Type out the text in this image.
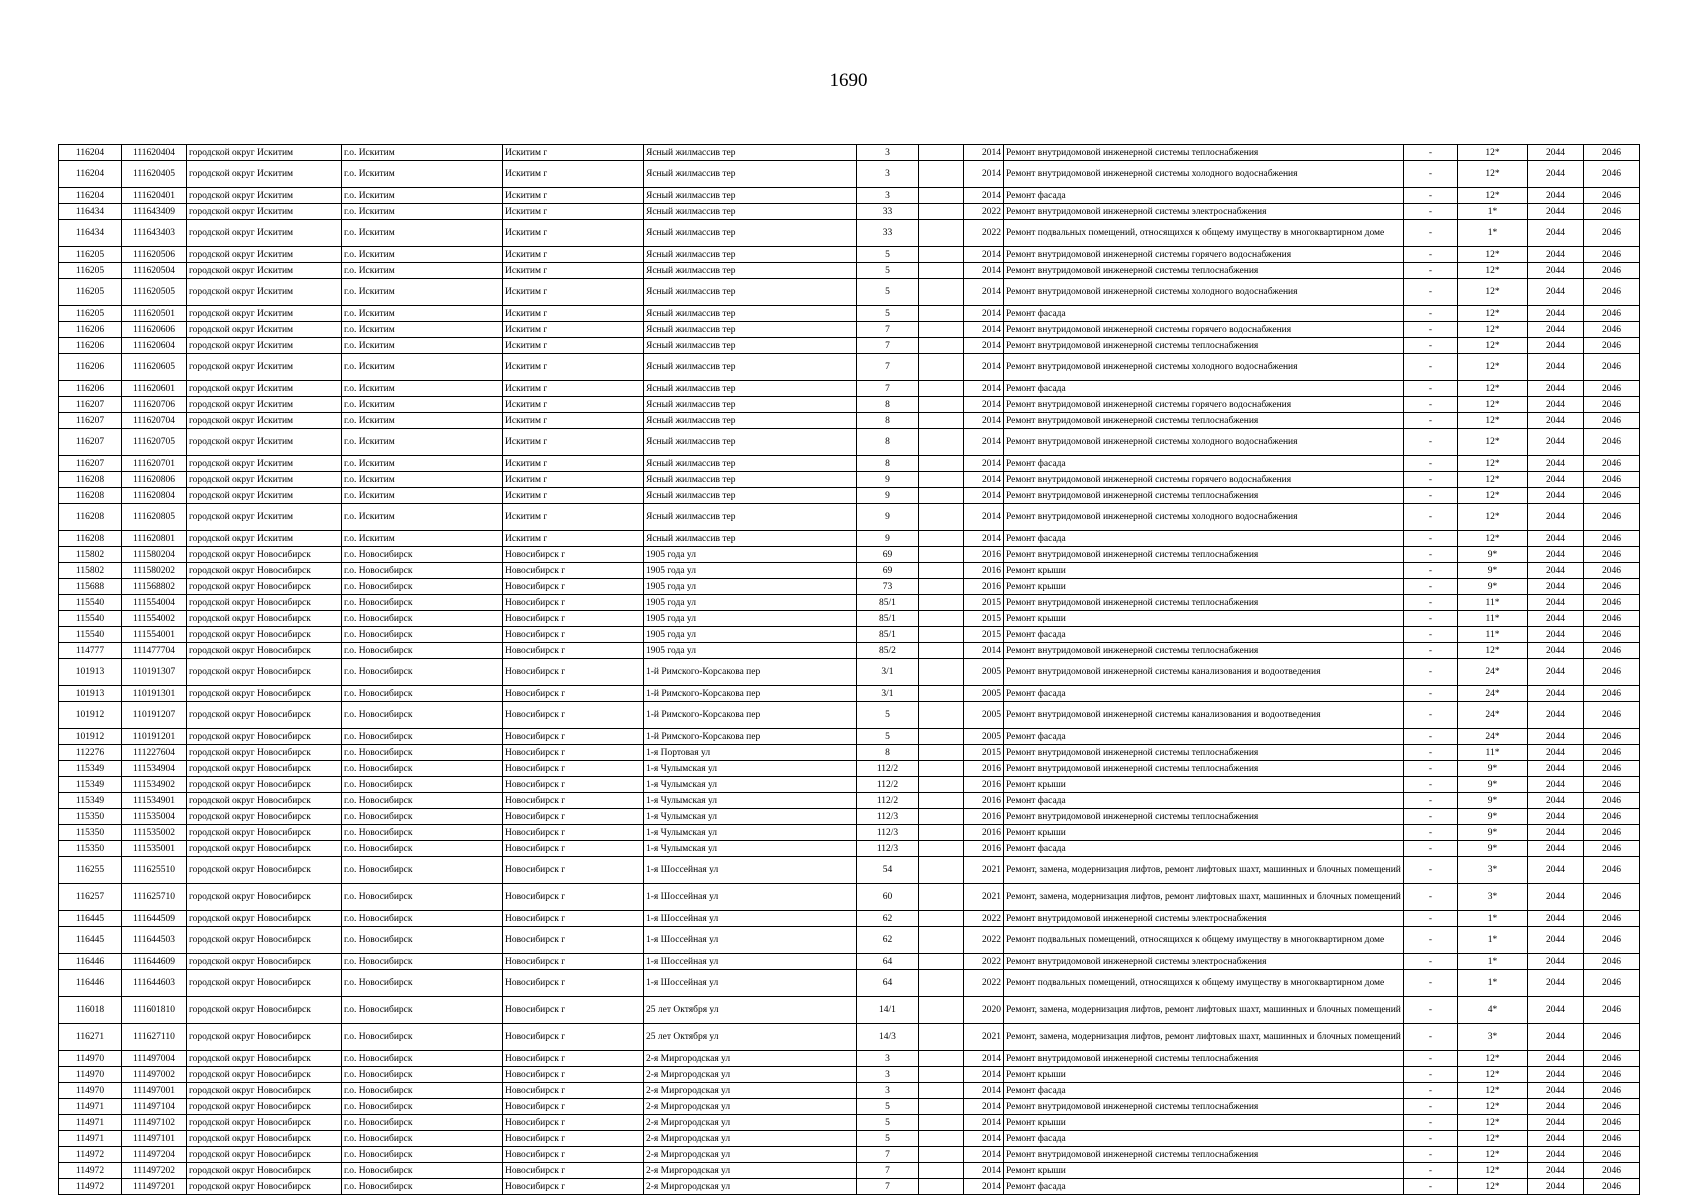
1690
116204	111620404	городской округ Искитим	г.о. Искитим	Искитим г	Ясный жилмассив тер	3		2014	Ремонт внутридомовой инженерной системы теплоснабжения	-	12*	2044	2046
116204	111620405	городской округ Искитим	г.о. Искитим	Искитим г	Ясный жилмассив тер	3		2014	Ремонт внутридомовой инженерной системы холодного водоснабжения	-	12*	2044	2046
116204	111620401	городской округ Искитим	г.о. Искитим	Искитим г	Ясный жилмассив тер	3		2014	Ремонт фасада	-	12*	2044	2046
116434	111643409	городской округ Искитим	г.о. Искитим	Искитим г	Ясный жилмассив тер	33		2022	Ремонт внутридомовой инженерной системы электроснабжения	-	1*	2044	2046
116434	111643403	городской округ Искитим	г.о. Искитим	Искитим г	Ясный жилмассив тер	33		2022	Ремонт подвальных помещений, относящихся к общему имуществу в многоквартирном доме	-	1*	2044	2046
116205	111620506	городской округ Искитим	г.о. Искитим	Искитим г	Ясный жилмассив тер	5		2014	Ремонт внутридомовой инженерной системы горячего водоснабжения	-	12*	2044	2046
116205	111620504	городской округ Искитим	г.о. Искитим	Искитим г	Ясный жилмассив тер	5		2014	Ремонт внутридомовой инженерной системы теплоснабжения	-	12*	2044	2046
116205	111620505	городской округ Искитим	г.о. Искитим	Искитим г	Ясный жилмассив тер	5		2014	Ремонт внутридомовой инженерной системы холодного водоснабжения	-	12*	2044	2046
116205	111620501	городской округ Искитим	г.о. Искитим	Искитим г	Ясный жилмассив тер	5		2014	Ремонт фасада	-	12*	2044	2046
116206	111620606	городской округ Искитим	г.о. Искитим	Искитим г	Ясный жилмассив тер	7		2014	Ремонт внутридомовой инженерной системы горячего водоснабжения	-	12*	2044	2046
116206	111620604	городской округ Искитим	г.о. Искитим	Искитим г	Ясный жилмассив тер	7		2014	Ремонт внутридомовой инженерной системы теплоснабжения	-	12*	2044	2046
116206	111620605	городской округ Искитим	г.о. Искитим	Искитим г	Ясный жилмассив тер	7		2014	Ремонт внутридомовой инженерной системы холодного водоснабжения	-	12*	2044	2046
116206	111620601	городской округ Искитим	г.о. Искитим	Искитим г	Ясный жилмассив тер	7		2014	Ремонт фасада	-	12*	2044	2046
116207	111620706	городской округ Искитим	г.о. Искитим	Искитим г	Ясный жилмассив тер	8		2014	Ремонт внутридомовой инженерной системы горячего водоснабжения	-	12*	2044	2046
116207	111620704	городской округ Искитим	г.о. Искитим	Искитим г	Ясный жилмассив тер	8		2014	Ремонт внутридомовой инженерной системы теплоснабжения	-	12*	2044	2046
116207	111620705	городской округ Искитим	г.о. Искитим	Искитим г	Ясный жилмассив тер	8		2014	Ремонт внутридомовой инженерной системы холодного водоснабжения	-	12*	2044	2046
116207	111620701	городской округ Искитим	г.о. Искитим	Искитим г	Ясный жилмассив тер	8		2014	Ремонт фасада	-	12*	2044	2046
116208	111620806	городской округ Искитим	г.о. Искитим	Искитим г	Ясный жилмассив тер	9		2014	Ремонт внутридомовой инженерной системы горячего водоснабжения	-	12*	2044	2046
116208	111620804	городской округ Искитим	г.о. Искитим	Искитим г	Ясный жилмассив тер	9		2014	Ремонт внутридомовой инженерной системы теплоснабжения	-	12*	2044	2046
116208	111620805	городской округ Искитим	г.о. Искитим	Искитим г	Ясный жилмассив тер	9		2014	Ремонт внутридомовой инженерной системы холодного водоснабжения	-	12*	2044	2046
116208	111620801	городской округ Искитим	г.о. Искитим	Искитим г	Ясный жилмассив тер	9		2014	Ремонт фасада	-	12*	2044	2046
115802	111580204	городской округ Новосибирск	г.о. Новосибирск	Новосибирск г	1905 года ул	69		2016	Ремонт внутридомовой инженерной системы теплоснабжения	-	9*	2044	2046
115802	111580202	городской округ Новосибирск	г.о. Новосибирск	Новосибирск г	1905 года ул	69		2016	Ремонт крыши	-	9*	2044	2046
115688	111568802	городской округ Новосибирск	г.о. Новосибирск	Новосибирск г	1905 года ул	73		2016	Ремонт крыши	-	9*	2044	2046
115540	111554004	городской округ Новосибирск	г.о. Новосибирск	Новосибирск г	1905 года ул	85/1		2015	Ремонт внутридомовой инженерной системы теплоснабжения	-	11*	2044	2046
115540	111554002	городской округ Новосибирск	г.о. Новосибирск	Новосибирск г	1905 года ул	85/1		2015	Ремонт крыши	-	11*	2044	2046
115540	111554001	городской округ Новосибирск	г.о. Новосибирск	Новосибирск г	1905 года ул	85/1		2015	Ремонт фасада	-	11*	2044	2046
114777	111477704	городской округ Новосибирск	г.о. Новосибирск	Новосибирск г	1905 года ул	85/2		2014	Ремонт внутридомовой инженерной системы теплоснабжения	-	12*	2044	2046
101913	110191307	городской округ Новосибирск	г.о. Новосибирск	Новосибирск г	1-й Римского-Корсакова пер	3/1		2005	Ремонт внутридомовой инженерной системы канализования и водоотведения	-	24*	2044	2046
101913	110191301	городской округ Новосибирск	г.о. Новосибирск	Новосибирск г	1-й Римского-Корсакова пер	3/1		2005	Ремонт фасада	-	24*	2044	2046
101912	110191207	городской округ Новосибирск	г.о. Новосибирск	Новосибирск г	1-й Римского-Корсакова пер	5		2005	Ремонт внутридомовой инженерной системы канализования и водоотведения	-	24*	2044	2046
101912	110191201	городской округ Новосибирск	г.о. Новосибирск	Новосибирск г	1-й Римского-Корсакова пер	5		2005	Ремонт фасада	-	24*	2044	2046
112276	111227604	городской округ Новосибирск	г.о. Новосибирск	Новосибирск г	1-я Портовая ул	8		2015	Ремонт внутридомовой инженерной системы теплоснабжения	-	11*	2044	2046
115349	111534904	городской округ Новосибирск	г.о. Новосибирск	Новосибирск г	1-я Чулымская ул	112/2		2016	Ремонт внутридомовой инженерной системы теплоснабжения	-	9*	2044	2046
115349	111534902	городской округ Новосибирск	г.о. Новосибирск	Новосибирск г	1-я Чулымская ул	112/2		2016	Ремонт крыши	-	9*	2044	2046
115349	111534901	городской округ Новосибирск	г.о. Новосибирск	Новосибирск г	1-я Чулымская ул	112/2		2016	Ремонт фасада	-	9*	2044	2046
115350	111535004	городской округ Новосибирск	г.о. Новосибирск	Новосибирск г	1-я Чулымская ул	112/3		2016	Ремонт внутридомовой инженерной системы теплоснабжения	-	9*	2044	2046
115350	111535002	городской округ Новосибирск	г.о. Новосибирск	Новосибирск г	1-я Чулымская ул	112/3		2016	Ремонт крыши	-	9*	2044	2046
115350	111535001	городской округ Новосибирск	г.о. Новосибирск	Новосибирск г	1-я Чулымская ул	112/3		2016	Ремонт фасада	-	9*	2044	2046
116255	111625510	городской округ Новосибирск	г.о. Новосибирск	Новосибирск г	1-я Шоссейная ул	54		2021	Ремонт, замена, модернизация лифтов, ремонт лифтовых шахт, машинных и блочных помещений	-	3*	2044	2046
116257	111625710	городской округ Новосибирск	г.о. Новосибирск	Новосибирск г	1-я Шоссейная ул	60		2021	Ремонт, замена, модернизация лифтов, ремонт лифтовых шахт, машинных и блочных помещений	-	3*	2044	2046
116445	111644509	городской округ Новосибирск	г.о. Новосибирск	Новосибирск г	1-я Шоссейная ул	62		2022	Ремонт внутридомовой инженерной системы электроснабжения	-	1*	2044	2046
116445	111644503	городской округ Новосибирск	г.о. Новосибирск	Новосибирск г	1-я Шоссейная ул	62		2022	Ремонт подвальных помещений, относящихся к общему имуществу в многоквартирном доме	-	1*	2044	2046
116446	111644609	городской округ Новосибирск	г.о. Новосибирск	Новосибирск г	1-я Шоссейная ул	64		2022	Ремонт внутридомовой инженерной системы электроснабжения	-	1*	2044	2046
116446	111644603	городской округ Новосибирск	г.о. Новосибирск	Новосибирск г	1-я Шоссейная ул	64		2022	Ремонт подвальных помещений, относящихся к общему имуществу в многоквартирном доме	-	1*	2044	2046
116018	111601810	городской округ Новосибирск	г.о. Новосибирск	Новосибирск г	25 лет Октября ул	14/1		2020	Ремонт, замена, модернизация лифтов, ремонт лифтовых шахт, машинных и блочных помещений	-	4*	2044	2046
116271	111627110	городской округ Новосибирск	г.о. Новосибирск	Новосибирск г	25 лет Октября ул	14/3		2021	Ремонт, замена, модернизация лифтов, ремонт лифтовых шахт, машинных и блочных помещений	-	3*	2044	2046
114970	111497004	городской округ Новосибирск	г.о. Новосибирск	Новосибирск г	2-я Миргородская ул	3		2014	Ремонт внутридомовой инженерной системы теплоснабжения	-	12*	2044	2046
114970	111497002	городской округ Новосибирск	г.о. Новосибирск	Новосибирск г	2-я Миргородская ул	3		2014	Ремонт крыши	-	12*	2044	2046
114970	111497001	городской округ Новосибирск	г.о. Новосибирск	Новосибирск г	2-я Миргородская ул	3		2014	Ремонт фасада	-	12*	2044	2046
114971	111497104	городской округ Новосибирск	г.о. Новосибирск	Новосибирск г	2-я Миргородская ул	5		2014	Ремонт внутридомовой инженерной системы теплоснабжения	-	12*	2044	2046
114971	111497102	городской округ Новосибирск	г.о. Новосибирск	Новосибирск г	2-я Миргородская ул	5		2014	Ремонт крыши	-	12*	2044	2046
114971	111497101	городской округ Новосибирск	г.о. Новосибирск	Новосибирск г	2-я Миргородская ул	5		2014	Ремонт фасада	-	12*	2044	2046
114972	111497204	городской округ Новосибирск	г.о. Новосибирск	Новосибирск г	2-я Миргородская ул	7		2014	Ремонт внутридомовой инженерной системы теплоснабжения	-	12*	2044	2046
114972	111497202	городской округ Новосибирск	г.о. Новосибирск	Новосибирск г	2-я Миргородская ул	7		2014	Ремонт крыши	-	12*	2044	2046
114972	111497201	городской округ Новосибирск	г.о. Новосибирск	Новосибирск г	2-я Миргородская ул	7		2014	Ремонт фасада	-	12*	2044	2046
